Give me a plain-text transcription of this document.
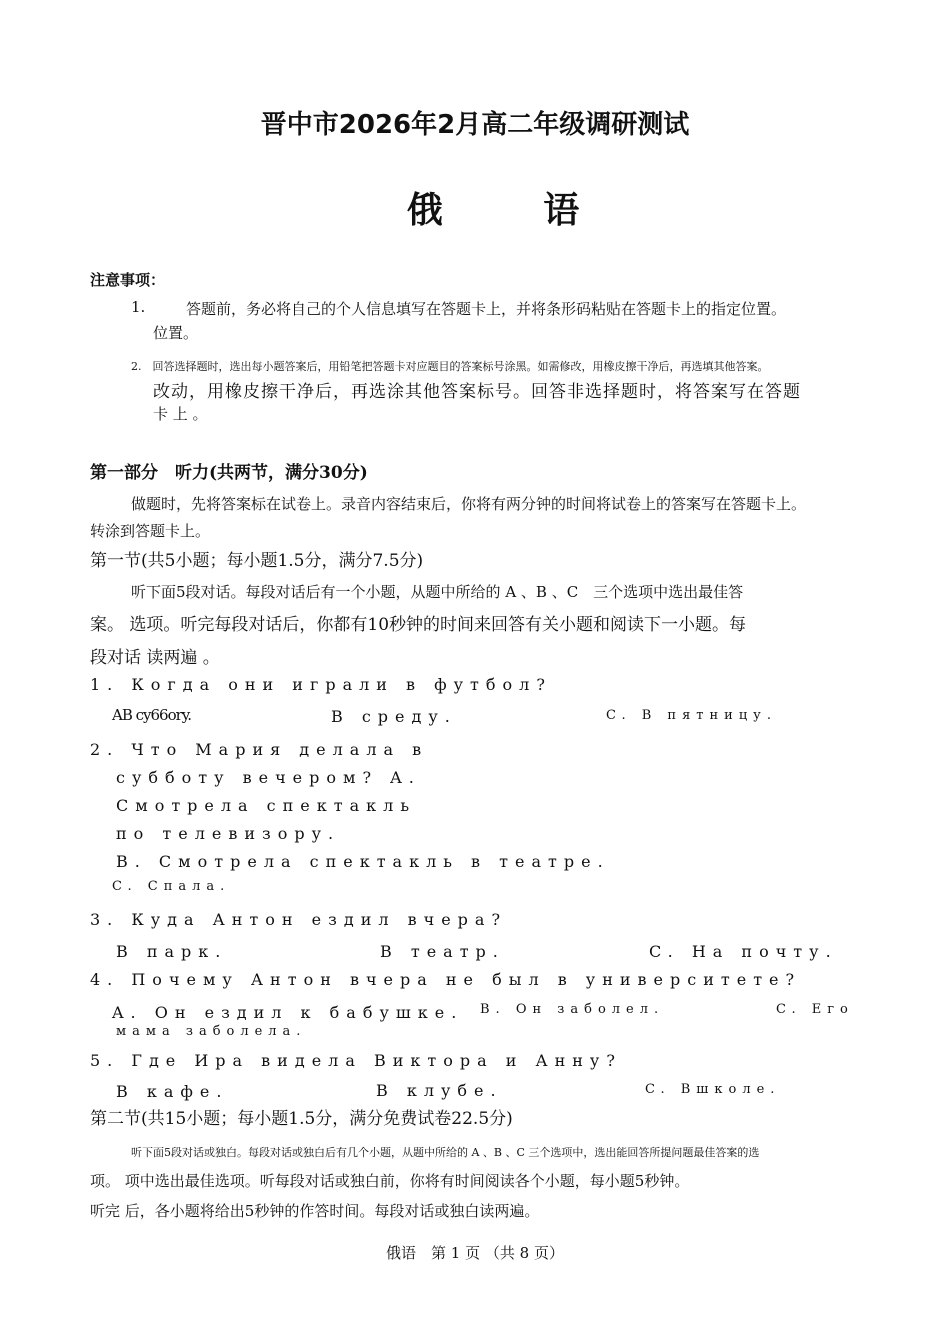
晋中市2026年2月高二年级调研测试
俄 语
注意事项：
1.	答题前，务必将自己的个人信息填写在答题卡上，并将条形码粘贴在答题卡上的指定位置。
位置。
2.　回答选择题时，选出每小题答案后，用铅笔把答题卡对应题目的答案标号涂黑。如需修改，用橡皮擦干净后，再选填其他答案。
改动，用橡皮擦干净后，再选涂其他答案标号。回答非选择题时，将答案写在答题
卡 上 。
第一部分　听力(共两节，满分30分)
做题时，先将答案标在试卷上。录音内容结束后，你将有两分钟的时间将试卷上的答案写在答题卡上。
转涂到答题卡上。
第一节(共5小题；每小题1.5分，满分7.5分)
听下面5段对话。每段对话后有一个小题，从题中所给的 A 、B 、C　三个选项中选出最佳答
案。 选项。听完每段对话后，你都有10秒钟的时间来回答有关小题和阅读下一小题。每
段对话 读两遍 。
1. Когда они играли в футбол?
AB cy66ory.	В среду.	C. В пятницу.
2. Что Мария делала в
субботу вечером? A.
Смотрела спектакль
по телевизору.
B. Смотрела спектакль в театре.
C. Спала.
3. Куда Антон ездил вчера?
В парк.	В театр.	C. На почту.
4. Почему Антон вчера не был в университете?
A. Он ездил к бабушке. B. Он заболел.	C. Его
мама заболела.
5. Где Ира видела Виктора и Анну?
В кафе.	В клубе.	C. Вшколе.
第二节(共15小题；每小题1.5分，满分免费试卷22.5分)
听下面5段对话或独白。每段对话或独白后有几个小题，从题中所给的 A 、B 、C 三个选项中，选出能回答所提问题最佳答案的选
项。 项中选出最佳选项。听每段对话或独白前，你将有时间阅读各个小题，每小题5秒钟。
听完 后，各小题将给出5秒钟的作答时间。每段对话或独白读两遍。
俄语　第 1 页 （共 8 页）
